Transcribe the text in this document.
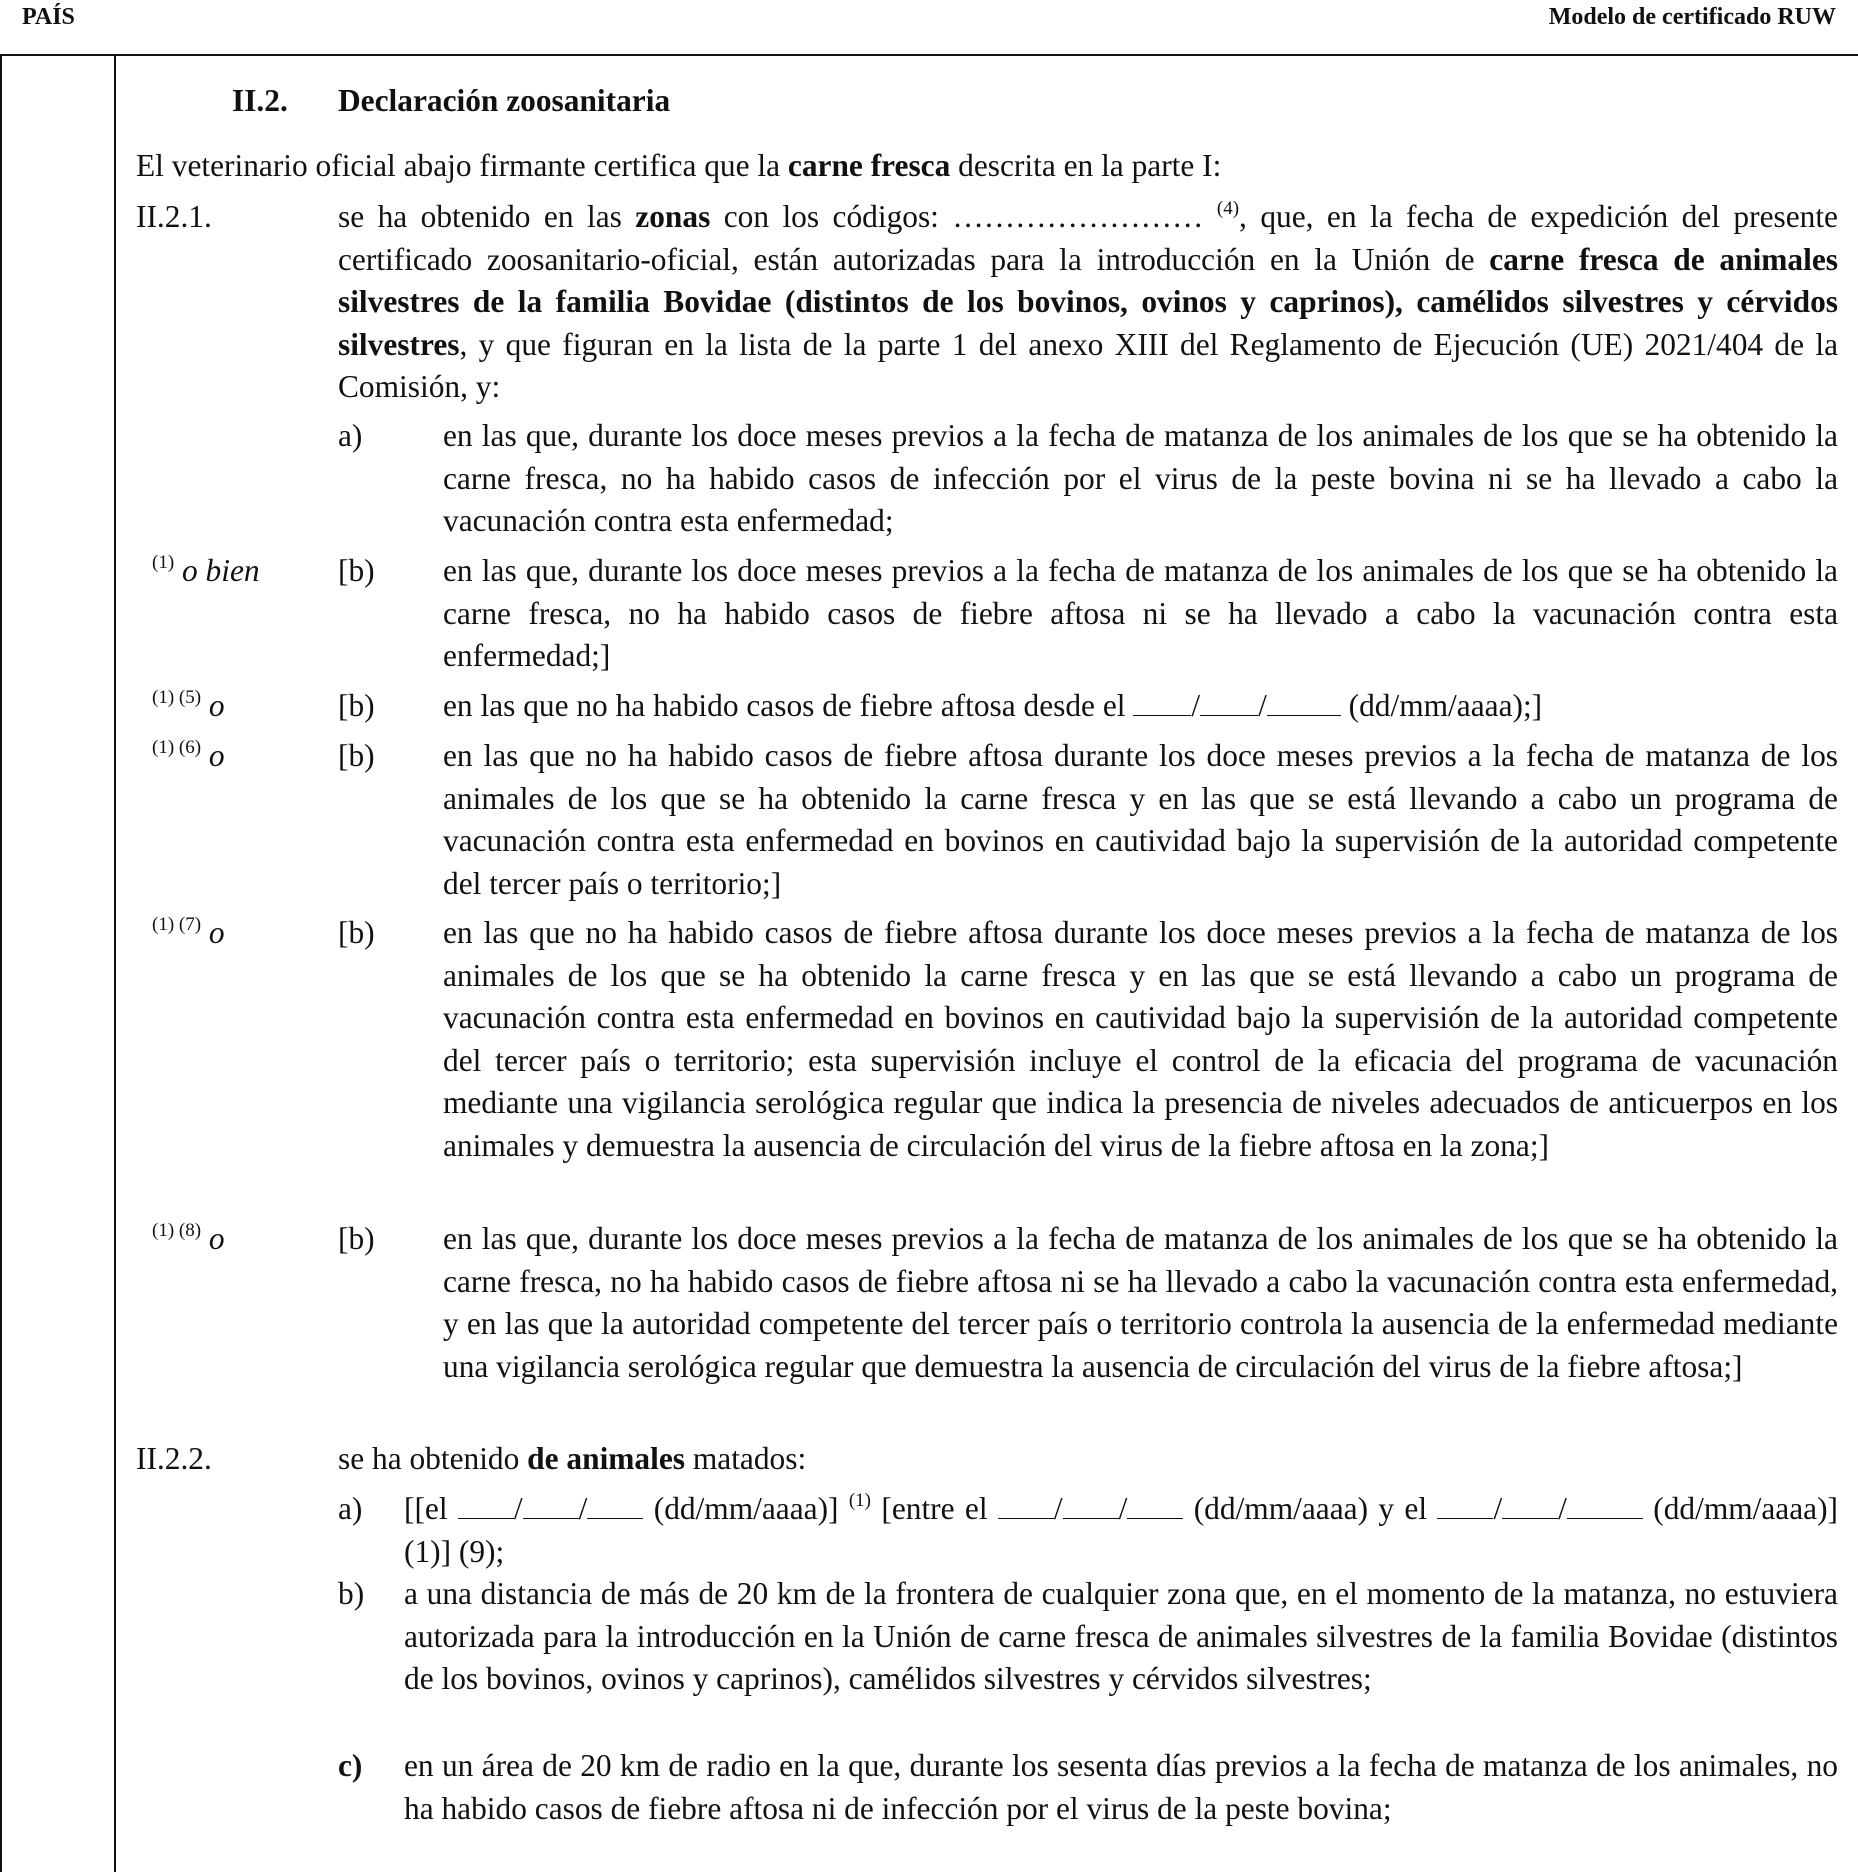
PAÍS	Modelo de certificado RUW
II.2. Declaración zoosanitaria
El veterinario oficial abajo firmante certifica que la carne fresca descrita en la parte I:
II.2.1.	se ha obtenido en las zonas con los códigos: …………………… $^{(4)}$, que, en la fecha de expedición del presente certificado zoosanitario-oficial, están autorizadas para la introducción en la Unión de carne fresca de animales silvestres de la familia Bovidae (distintos de los bovinos, ovinos y caprinos), camélidos silvestres y cérvidos silvestres, y que figuran en la lista de la parte 1 del anexo XIII del Reglamento de Ejecución (UE) 2021/404 de la Comisión, y:
a)	en las que, durante los doce meses previos a la fecha de matanza de los animales de los que se ha obtenido la carne fresca, no ha habido casos de infección por el virus de la peste bovina ni se ha llevado a cabo la vacunación contra esta enfermedad;
$^{(1)}$ o bien [b) en las que, durante los doce meses previos a la fecha de matanza de los animales de los que se ha obtenido la carne fresca, no ha habido casos de fiebre aftosa ni se ha llevado a cabo la vacunación contra esta enfermedad;]
$^{(1) (5)}$ o	[b) en las que no ha habido casos de fiebre aftosa desde el / / (dd/mm/aaaa);]
$^{(1) (6)}$ o	[b) en las que no ha habido casos de fiebre aftosa durante los doce meses previos a la fecha de matanza de los animales de los que se ha obtenido la carne fresca y en las que se está llevando a cabo un programa de vacunación contra esta enfermedad en bovinos en cautividad bajo la supervisión de la autoridad competente del tercer país o territorio;]
$^{(1) (7)}$ o	[b) en las que no ha habido casos de fiebre aftosa durante los doce meses previos a la fecha de matanza de los animales de los que se ha obtenido la carne fresca y en las que se está llevando a cabo un programa de vacunación contra esta enfermedad en bovinos en cautividad bajo la supervisión de la autoridad competente del tercer país o territorio; esta supervisión incluye el control de la eficacia del programa de vacunación mediante una vigilancia serológica regular que indica la presencia de niveles adecuados de anticuerpos en los animales y demuestra la ausencia de circulación del virus de la fiebre aftosa en la zona;]
$^{(1) (8)}$ o	[b) en las que, durante los doce meses previos a la fecha de matanza de los animales de los que se ha obtenido la carne fresca, no ha habido casos de fiebre aftosa ni se ha llevado a cabo la vacunación contra esta enfermedad, y en las que la autoridad competente del tercer país o territorio controla la ausencia de la enfermedad mediante una vigilancia serológica regular que demuestra la ausencia de circulación del virus de la fiebre aftosa;]
II.2.2.	se ha obtenido de animales matados:
a) [[el / / (dd/mm/aaaa)] $^{(1)}$ [entre el / / (dd/mm/aaaa) y el / / (dd/mm/aaaa)] (1)] (9);
b) a una distancia de más de 20 km de la frontera de cualquier zona que, en el momento de la matanza, no estuviera autorizada para la introducción en la Unión de carne fresca de animales silvestres de la familia Bovidae (distintos de los bovinos, ovinos y caprinos), camélidos silvestres y cérvidos silvestres;
c) en un área de 20 km de radio en la que, durante los sesenta días previos a la fecha de matanza de los animales, no ha habido casos de fiebre aftosa ni de infección por el virus de la peste bovina;
